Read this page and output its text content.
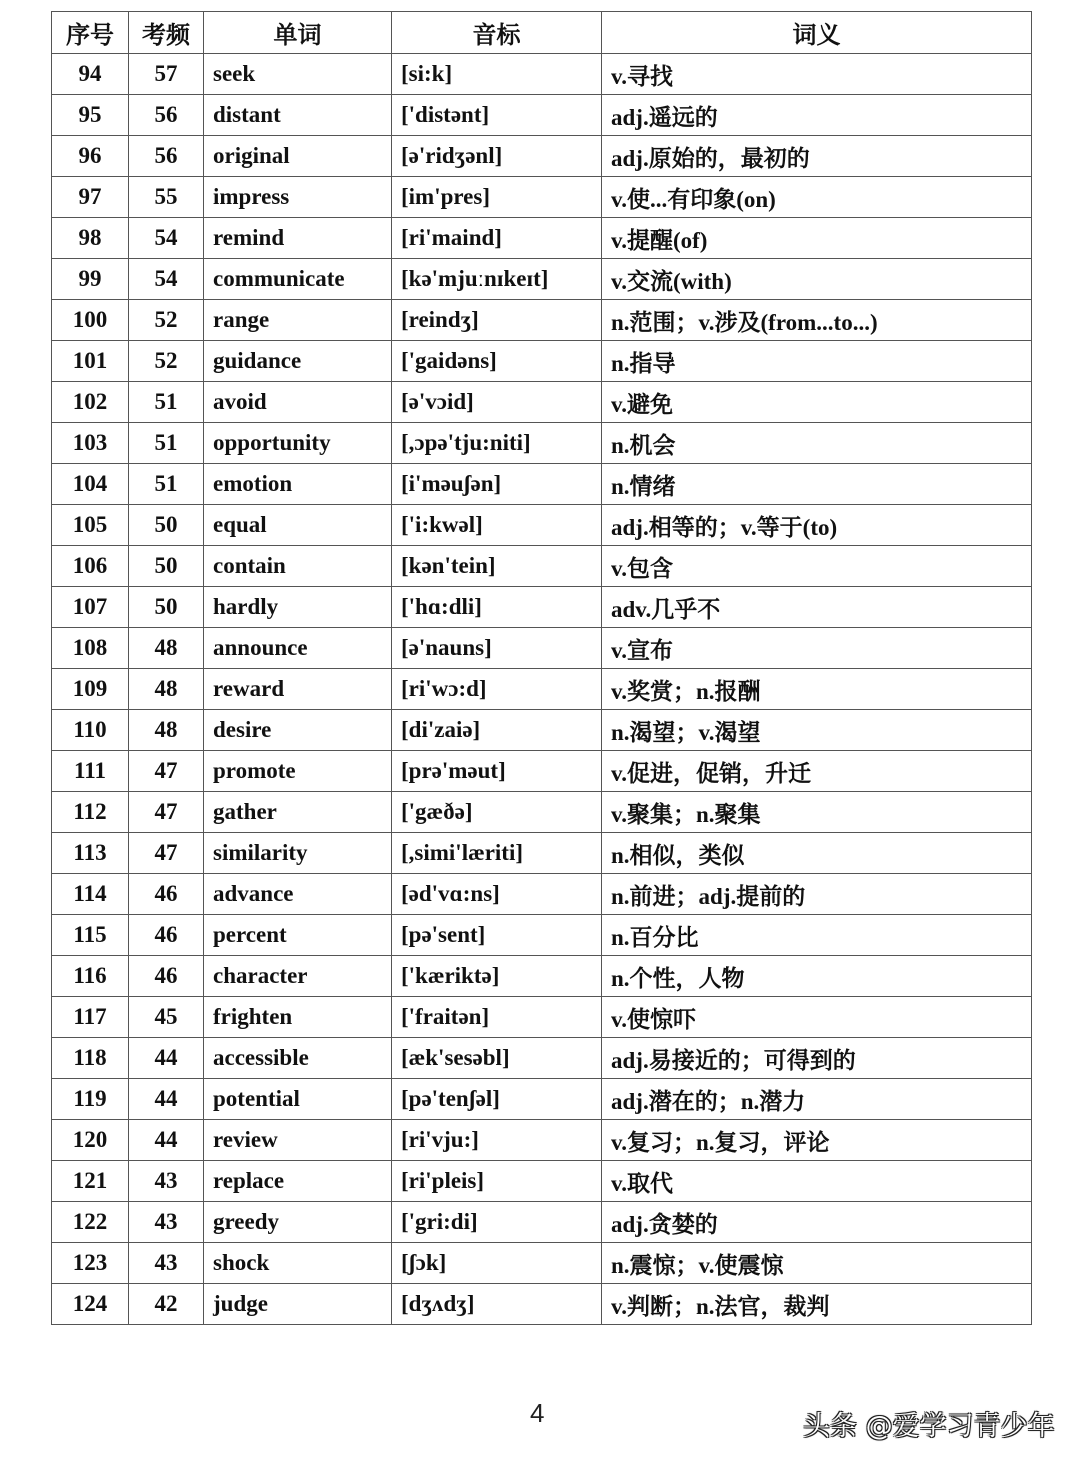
序号	考频	单词	音标	词义
94	57	seek	[si:k]	v.寻找
95	56	distant	['distənt]	adj.遥远的
96	56	original	[ə'ridʒənl]	adj.原始的，最初的
97	55	impress	[im'pres]	v.使...有印象(on)
98	54	remind	[ri'maind]	v.提醒(of)
99	54	communicate	[kə'mjuːnɪkeɪt]	v.交流(with)
100	52	range	[reindʒ]	n.范围；v.涉及(from...to...)
101	52	guidance	['gaidəns]	n.指导
102	51	avoid	[ə'vɔid]	v.避免
103	51	opportunity	[,ɔpə'tju:niti]	n.机会
104	51	emotion	[i'məuʃən]	n.情绪
105	50	equal	['i:kwəl]	adj.相等的；v.等于(to)
106	50	contain	[kən'tein]	v.包含
107	50	hardly	['hɑ:dli]	adv.几乎不
108	48	announce	[ə'nauns]	v.宣布
109	48	reward	[ri'wɔ:d]	v.奖赏；n.报酬
110	48	desire	[di'zaiə]	n.渴望；v.渴望
111	47	promote	[prə'məut]	v.促进，促销，升迁
112	47	gather	['gæðə]	v.聚集；n.聚集
113	47	similarity	[,simi'læriti]	n.相似，类似
114	46	advance	[əd'vɑ:ns]	n.前进；adj.提前的
115	46	percent	[pə'sent]	n.百分比
116	46	character	['kæriktə]	n.个性，人物
117	45	frighten	['fraitən]	v.使惊吓
118	44	accessible	[æk'sesəbl]	adj.易接近的；可得到的
119	44	potential	[pə'tenʃəl]	adj.潜在的；n.潜力
120	44	review	[ri'vju:]	v.复习；n.复习，评论
121	43	replace	[ri'pleis]	v.取代
122	43	greedy	['gri:di]	adj.贪婪的
123	43	shock	[ʃɔk]	n.震惊；v.使震惊
124	42	judge	[dʒʌdʒ]	v.判断；n.法官，裁判
4	头条 @爱学习青少年
